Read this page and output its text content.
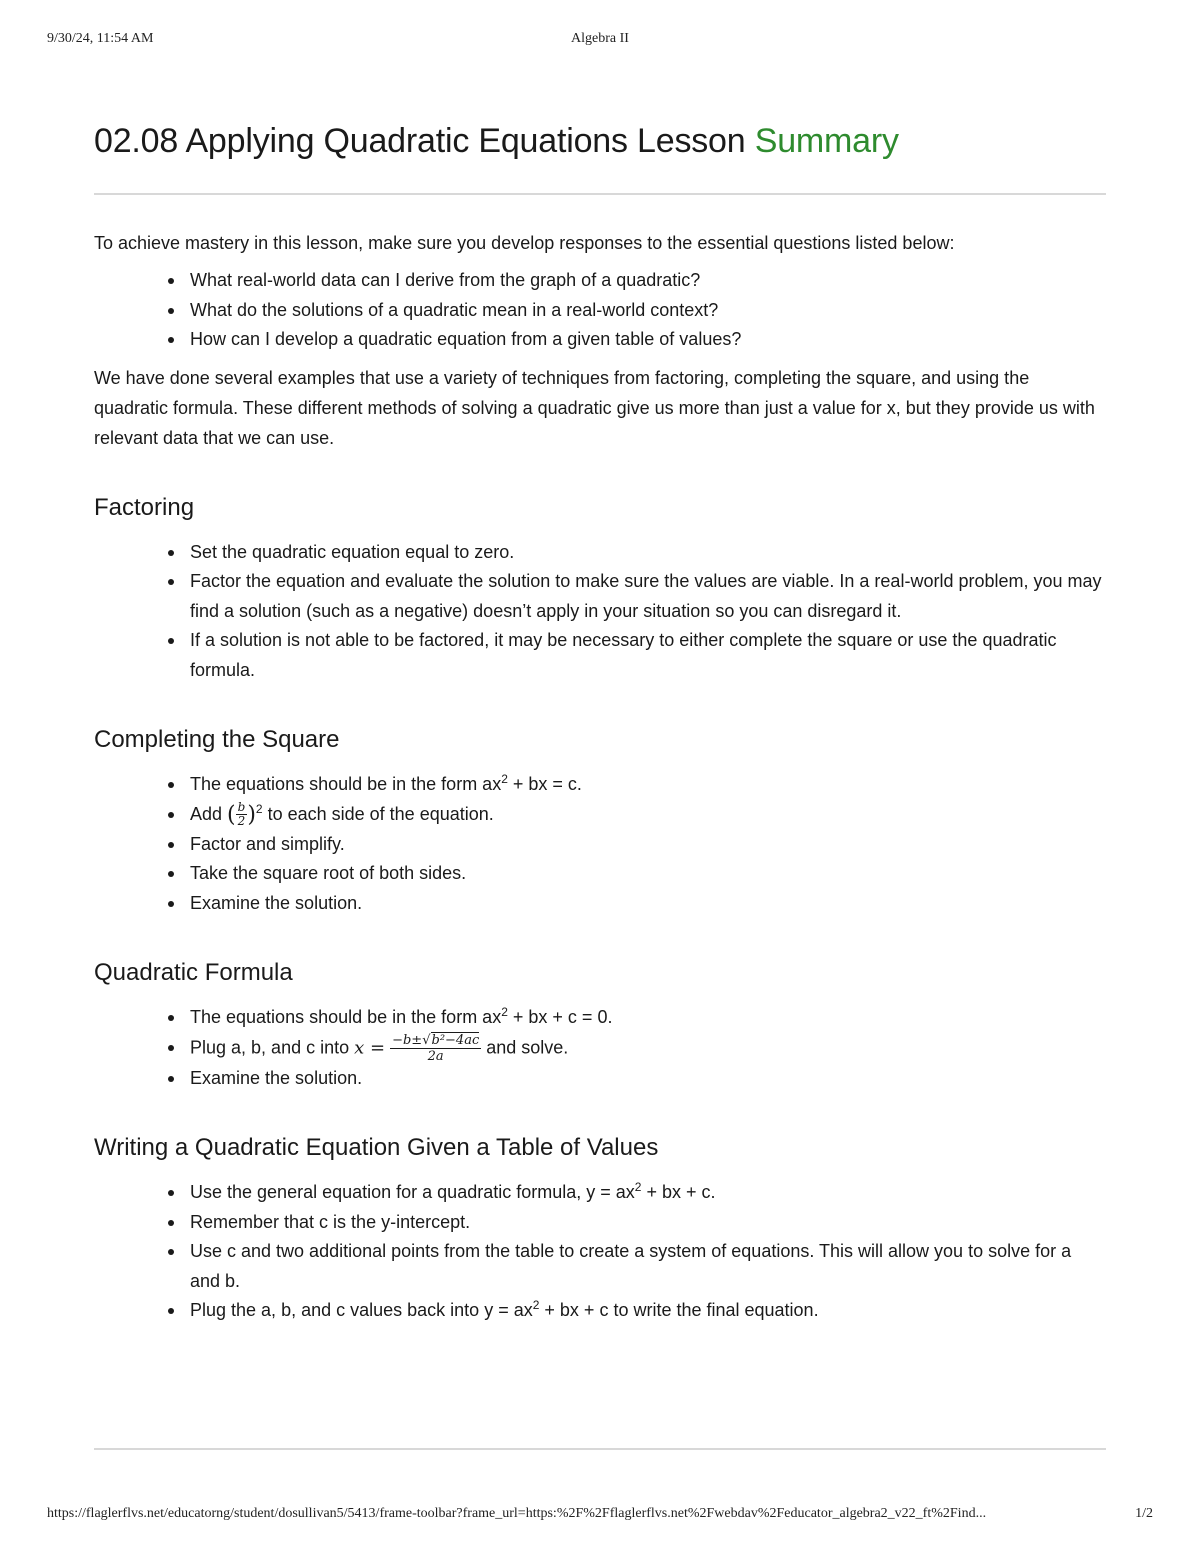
9/30/24, 11:54 AM	Algebra II
02.08 Applying Quadratic Equations Lesson Summary

To achieve mastery in this lesson, make sure you develop responses to the essential questions listed below:

What real-world data can I derive from the graph of a quadratic?
What do the solutions of a quadratic mean in a real-world context?
How can I develop a quadratic equation from a given table of values?

We have done several examples that use a variety of techniques from factoring, completing the square, and using the quadratic formula. These different methods of solving a quadratic give us more than just a value for x, but they provide us with relevant data that we can use.

Factoring
Set the quadratic equation equal to zero.
Factor the equation and evaluate the solution to make sure the values are viable. In a real-world problem, you may find a solution (such as a negative) doesn’t apply in your situation so you can disregard it.
If a solution is not able to be factored, it may be necessary to either complete the square or use the quadratic formula.
Completing the Square
The equations should be in the form $ax^2$ + bx = c.
Add ( $\frac{b}{2} )^2$ to each side of the equation.
Factor and simplify.
Take the square root of both sides.
Examine the solution.
Quadratic Formula
The equations should be in the form $ax^2$ + bx + c = 0.
Plug a, b, and c into $x = \frac{\text{−b±√b²−4ac}}{2a}$ and solve.
Examine the solution.
Writing a Quadratic Equation Given a Table of Values
Use the general equation for a quadratic formula, $y = ax^2$ + bx + c.
Remember that c is the y-intercept.
Use c and two additional points from the table to create a system of equations. This will allow you to solve for a and b.
Plug the a, b, and c values back into $y = ax^2$ + bx + c to write the final equation.
https://flaglerflvs.net/educatorng/student/dosullivan5/5413/frame-toolbar?frame_url=https:%2F%2Fflaglerflvs.net%2Fwebdav%2Feducator_algebra2_v22_ft%2Find...	1/2
